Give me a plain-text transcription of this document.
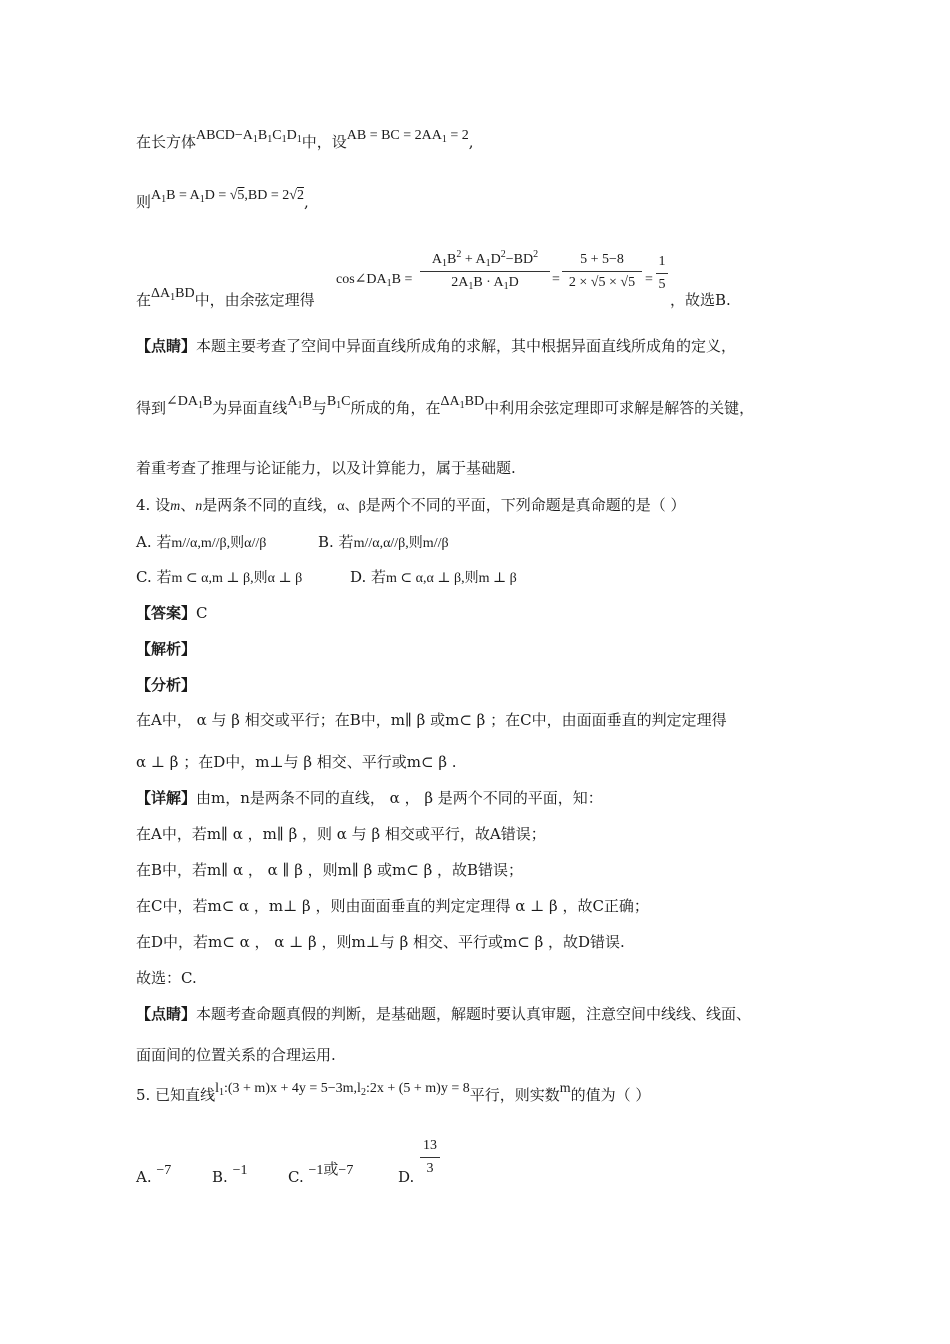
在长方体$ABCD-A_1B_1C_1D_1$中，设AB = BC = $2AA_1 = 2$,
则$A_1B = A_1D = √5,BD = 2√2$,
在$\Delta A_1BD$中，由余弦定理得
$\cos\angle DA_1B$ =
$A_1B^2 + A_1D^2-BD^2$
$2A_1B \cdot A_1D$	=
5 + 5−8
2 × √5 × √5 =
1
5
，故选B.
【点睛】本题主要考查了空间中异面直线所成角的求解，其中根据异面直线所成角的定义，
得到$\angle DA_1B$为异面直线$A_1B$与$B_1C$所成的角，在$\Delta A_1BD$中利用余弦定理即可求解是解答的关键，
着重考查了推理与论证能力，以及计算能力，属于基础题.
4. 设m、n是两条不同的直线，α、β是两个不同的平面，下列命题是真命题的是（ ）
A. 若m//α,m//β,则α//β	B. 若m//α,α//β,则m//β
C. 若m ⊂ α,m ⊥ β,则α ⊥ β	D. 若m ⊂ α,α ⊥ β,则m ⊥ β
【答案】C
【解析】
【分析】
在A中， α 与 β 相交或平行；在B中，m∥ β 或m⊂ β ；在C中，由面面垂直的判定定理得
α ⊥ β ；在D中，m⊥与 β 相交、平行或m⊂ β .
【详解】由m，n是两条不同的直线， α ， β 是两个不同的平面，知：
在A中，若m∥ α ，m∥ β ，则 α 与 β 相交或平行，故A错误；
在B中，若m∥ α ， α ∥ β ，则m∥ β 或m⊂ β ，故B错误；
在C中，若m⊂ α ，m⊥ β ，则由面面垂直的判定定理得 α ⊥ β ，故C正确；
在D中，若m⊂ α ， α ⊥ β ，则m⊥与 β 相交、平行或m⊂ β ，故D错误.
故选：C.
【点睛】本题考查命题真假的判断，是基础题，解题时要认真审题，注意空间中线线、线面、
面面间的位置关系的合理运用.
5. 已知直线$l_1:(3 + m)x + 4y$ = $5-3m,l_2:2x + (5 + m)y = 8$平行，则实数m的值为（ ）
A. −7	B. −1	C. −1或−7	D.
13
3
